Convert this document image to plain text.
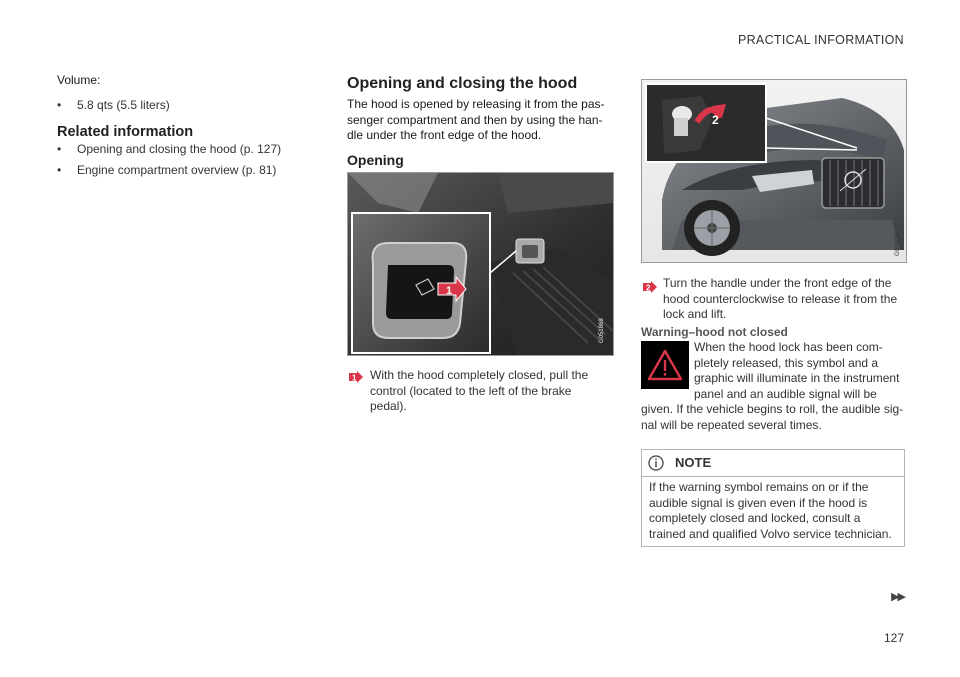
PRACTICAL INFORMATION
Volume:
• 5.8 qts (5.5 liters)
Related information
• Opening and closing the hood (p. 127)
• Engine compartment overview (p. 81)
Opening and closing the hood
The hood is opened by releasing it from the pas-
senger compartment and then by using the han-
dle under the front edge of the hood.
Opening
1
G051868
1 With the hood completely closed, pull the
control (located to the left of the brake
pedal).
2
G059087
2 Turn the handle under the front edge of the
hood counterclockwise to release it from the
lock and lift.
Warning–hood not closed
When the hood lock has been com-
pletely released, this symbol and a
graphic will illuminate in the instrument
panel and an audible signal will be
given. If the vehicle begins to roll, the audible sig-
nal will be repeated several times.
NOTE
If the warning symbol remains on or if the
audible signal is given even if the hood is
completely closed and locked, consult a
trained and qualified Volvo service technician.
▶▶
127
